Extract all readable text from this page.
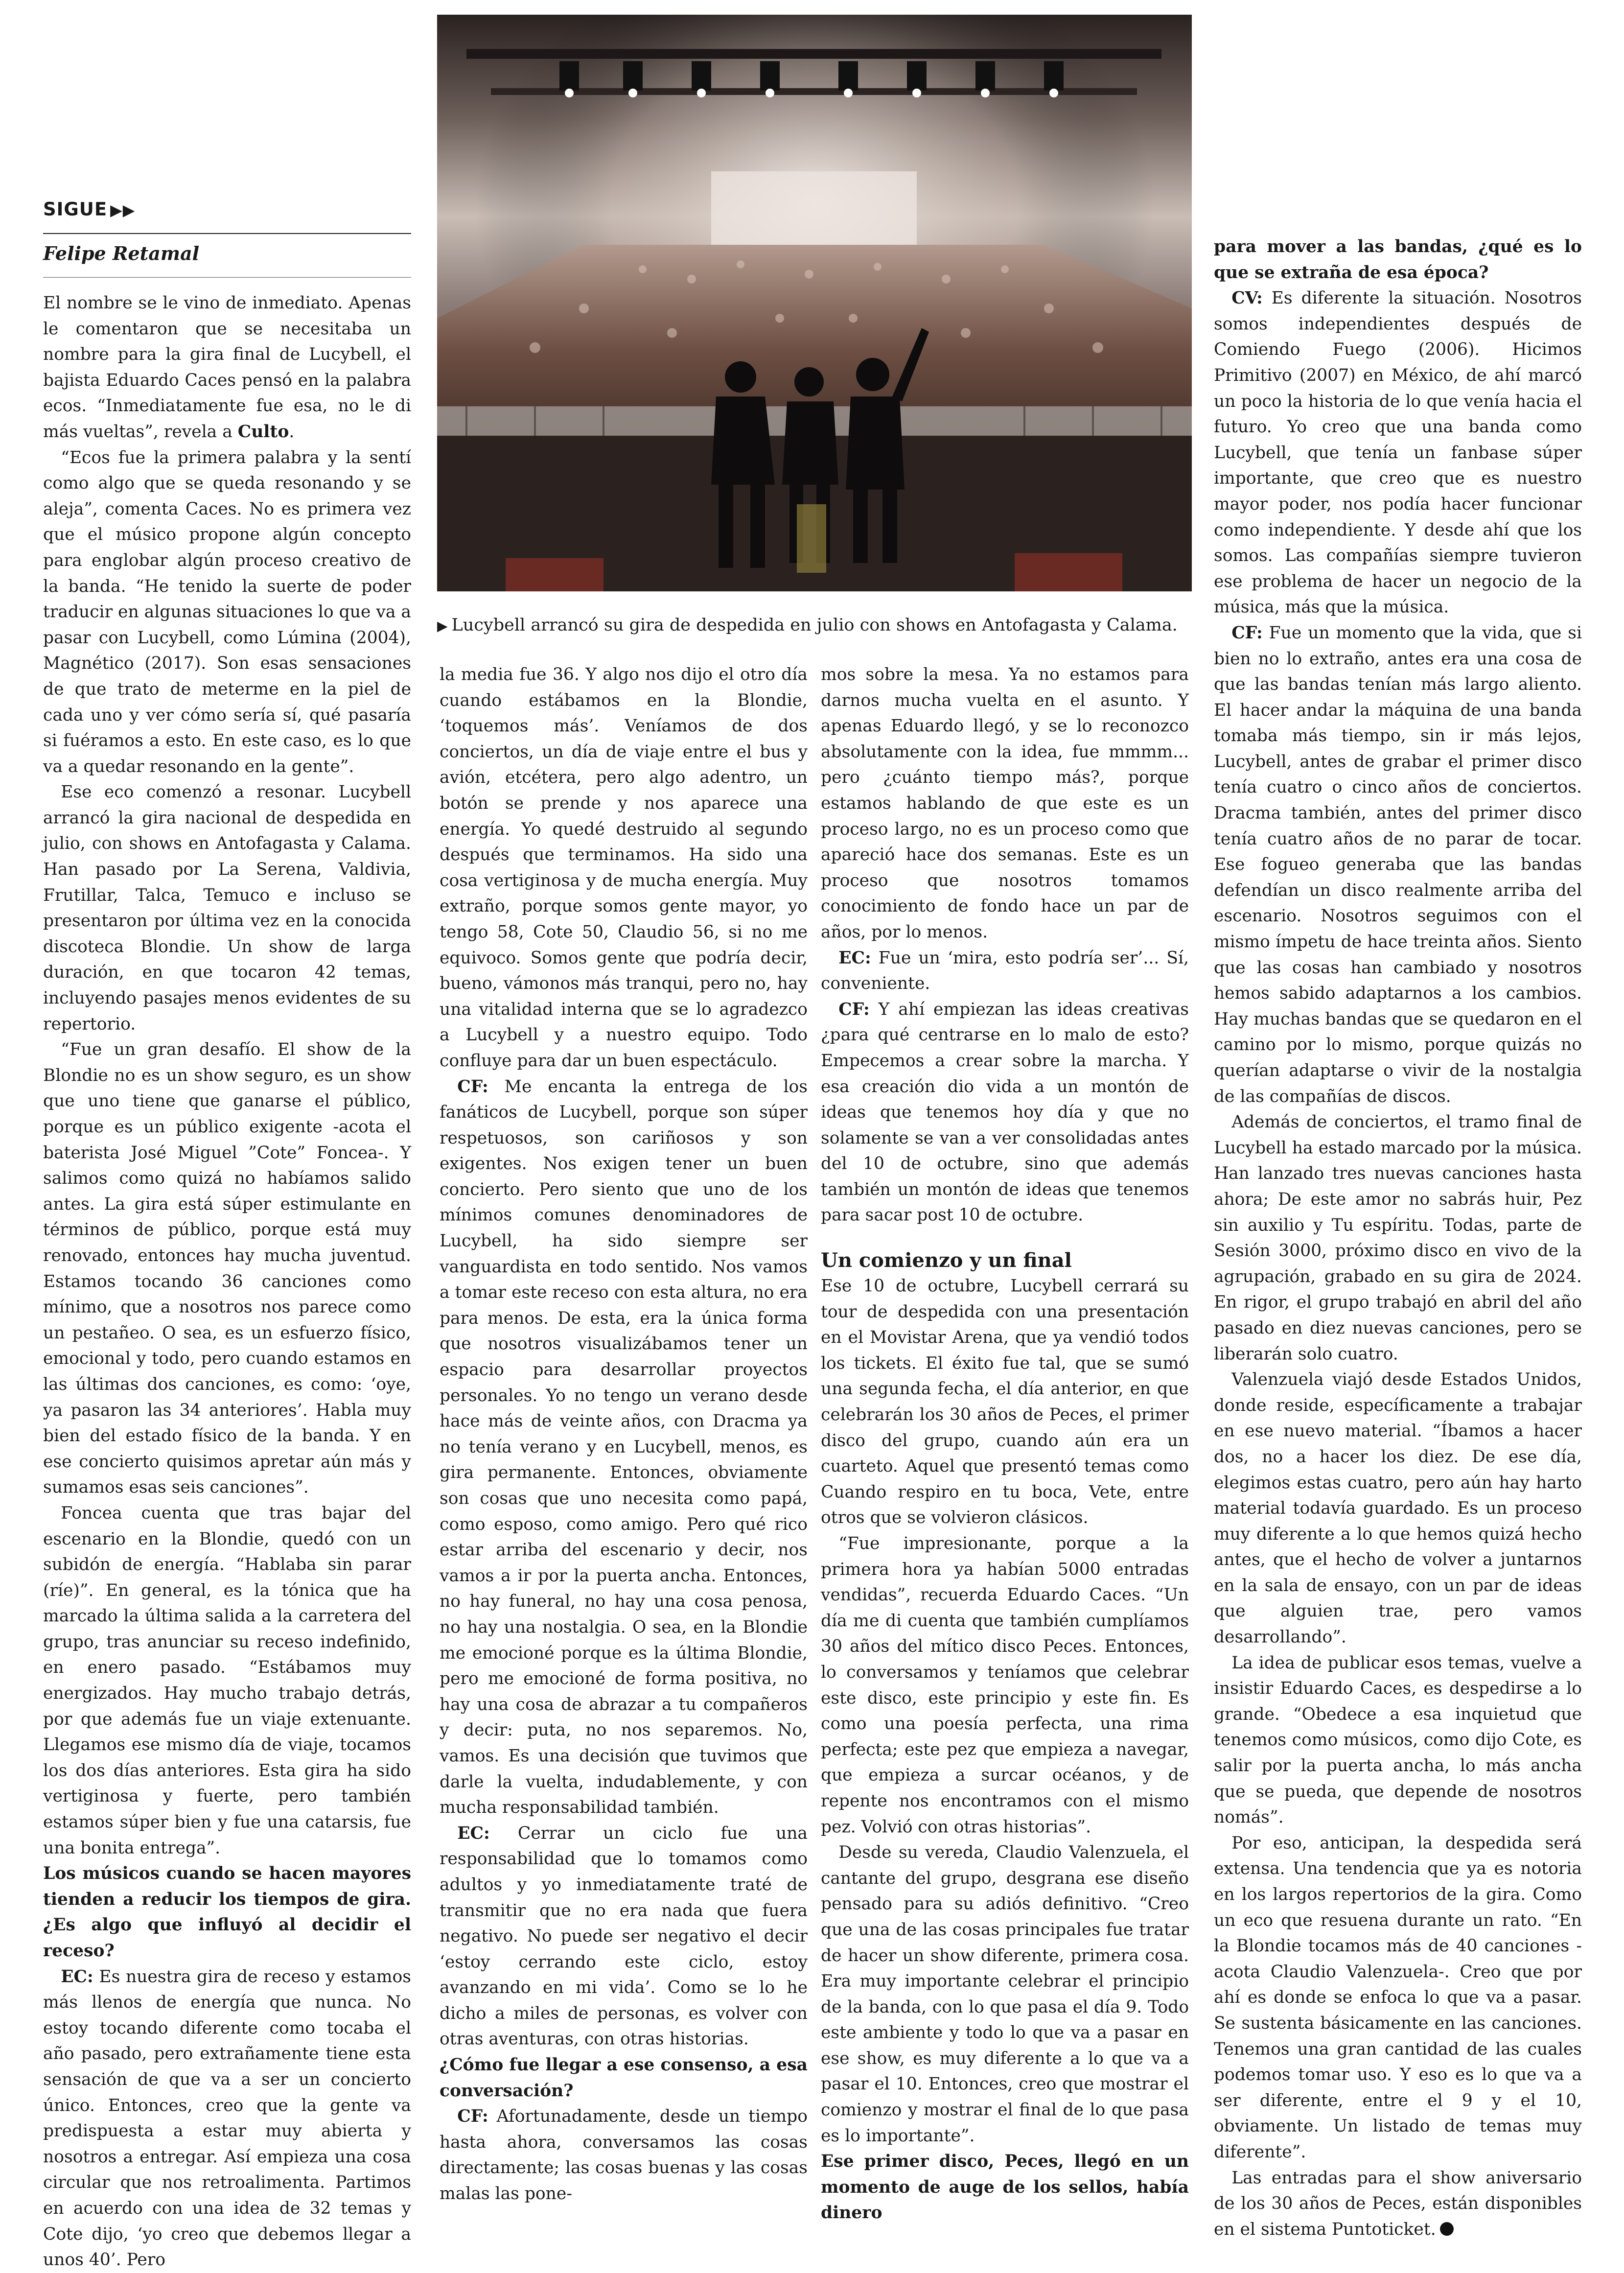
SIGUE ▶▶
Felipe Retamal
▶ Lucybell arrancó su gira de despedida en julio con shows en Antofagasta y Calama.

El nombre se le vino de inmediato. Apenas le comentaron que se necesitaba un nombre para la gira final de Lucybell, el bajista Eduardo Caces pensó en la palabra ecos. “Inmediatamente fue esa, no le di más vueltas”, revela a Culto.

“Ecos fue la primera palabra y la sentí como algo que se queda resonando y se aleja”, comenta Caces. No es primera vez que el músico propone algún concepto para englobar algún proceso creativo de la banda. “He tenido la suerte de poder traducir en algunas situaciones lo que va a pasar con Lucybell, como Lúmina (2004), Magnético (2017). Son esas sensaciones de que trato de meterme en la piel de cada uno y ver cómo sería sí, qué pasaría si fuéramos a esto. En este caso, es lo que va a quedar resonando en la gente”.

Ese eco comenzó a resonar. Lucybell arrancó la gira nacional de despedida en julio, con shows en Antofagasta y Calama. Han pasado por La Serena, Valdivia, Frutillar, Talca, Temuco e incluso se presentaron por última vez en la conocida discoteca Blondie. Un show de larga duración, en que tocaron 42 temas, incluyendo pasajes menos evidentes de su repertorio.

“Fue un gran desafío. El show de la Blondie no es un show seguro, es un show que uno tiene que ganarse el público, porque es un público exigente -acota el baterista José Miguel ”Cote” Foncea-. Y salimos como quizá no habíamos salido antes. La gira está súper estimulante en términos de público, porque está muy renovado, entonces hay mucha juventud. Estamos tocando 36 canciones como mínimo, que a nosotros nos parece como un pestañeo. O sea, es un esfuerzo físico, emocional y todo, pero cuando estamos en las últimas dos canciones, es como: ‘oye, ya pasaron las 34 anteriores’. Habla muy bien del estado físico de la banda. Y en ese concierto quisimos apretar aún más y sumamos esas seis canciones”.

Foncea cuenta que tras bajar del escenario en la Blondie, quedó con un subidón de energía. “Hablaba sin parar (ríe)”. En general, es la tónica que ha marcado la última salida a la carretera del grupo, tras anunciar su receso indefinido, en enero pasado. “Estábamos muy energizados. Hay mucho trabajo detrás, por que además fue un viaje extenuante. Llegamos ese mismo día de viaje, tocamos los dos días anteriores. Esta gira ha sido vertiginosa y fuerte, pero también estamos súper bien y fue una catarsis, fue una bonita entrega”.

Los músicos cuando se hacen mayores tienden a reducir los tiempos de gira. ¿Es algo que influyó al decidir el receso?

EC: Es nuestra gira de receso y estamos más llenos de energía que nunca. No estoy tocando diferente como tocaba el año pasado, pero extrañamente tiene esta sensación de que va a ser un concierto único. Entonces, creo que la gente va predispuesta a estar muy abierta y nosotros a entregar. Así empieza una cosa circular que nos retroalimenta. Partimos en acuerdo con una idea de 32 temas y Cote dijo, ‘yo creo que debemos llegar a unos 40’. Pero

la media fue 36. Y algo nos dijo el otro día cuando estábamos en la Blondie, ‘toquemos más’. Veníamos de dos conciertos, un día de viaje entre el bus y avión, etcétera, pero algo adentro, un botón se prende y nos aparece una energía. Yo quedé destruido al segundo después que terminamos. Ha sido una cosa vertiginosa y de mucha energía. Muy extraño, porque somos gente mayor, yo tengo 58, Cote 50, Claudio 56, si no me equivoco. Somos gente que podría decir, bueno, vámonos más tranqui, pero no, hay una vitalidad interna que se lo agradezco a Lucybell y a nuestro equipo. Todo confluye para dar un buen espectáculo.

CF: Me encanta la entrega de los fanáticos de Lucybell, porque son súper respetuosos, son cariñosos y son exigentes. Nos exigen tener un buen concierto. Pero siento que uno de los mínimos comunes denominadores de Lucybell, ha sido siempre ser vanguardista en todo sentido. Nos vamos a tomar este receso con esta altura, no era para menos. De esta, era la única forma que nosotros visualizábamos tener un espacio para desarrollar proyectos personales. Yo no tengo un verano desde hace más de veinte años, con Dracma ya no tenía verano y en Lucybell, menos, es gira permanente. Entonces, obviamente son cosas que uno necesita como papá, como esposo, como amigo. Pero qué rico estar arriba del escenario y decir, nos vamos a ir por la puerta ancha. Entonces, no hay funeral, no hay una cosa penosa, no hay una nostalgia. O sea, en la Blondie me emocioné porque es la última Blondie, pero me emocioné de forma positiva, no hay una cosa de abrazar a tu compañeros y decir: puta, no nos separemos. No, vamos. Es una decisión que tuvimos que darle la vuelta, indudablemente, y con mucha responsabilidad también.

EC: Cerrar un ciclo fue una responsabilidad que lo tomamos como adultos y yo inmediatamente traté de transmitir que no era nada que fuera negativo. No puede ser negativo el decir ‘estoy cerrando este ciclo, estoy avanzando en mi vida’. Como se lo he dicho a miles de personas, es volver con otras aventuras, con otras historias.

¿Cómo fue llegar a ese consenso, a esa conversación?

CF: Afortunadamente, desde un tiempo hasta ahora, conversamos las cosas directamente; las cosas buenas y las cosas malas las pone-

mos sobre la mesa. Ya no estamos para darnos mucha vuelta en el asunto. Y apenas Eduardo llegó, y se lo reconozco absolutamente con la idea, fue mmmm... pero ¿cuánto tiempo más?, porque estamos hablando de que este es un proceso largo, no es un proceso como que apareció hace dos semanas. Este es un proceso que nosotros tomamos conocimiento de fondo hace un par de años, por lo menos.

EC: Fue un ‘mira, esto podría ser’... Sí, conveniente.

CF: Y ahí empiezan las ideas creativas ¿para qué centrarse en lo malo de esto? Empecemos a crear sobre la marcha. Y esa creación dio vida a un montón de ideas que tenemos hoy día y que no solamente se van a ver consolidadas antes del 10 de octubre, sino que además también un montón de ideas que tenemos para sacar post 10 de octubre.

Un comienzo y un final

Ese 10 de octubre, Lucybell cerrará su tour de despedida con una presentación en el Movistar Arena, que ya vendió todos los tickets. El éxito fue tal, que se sumó una segunda fecha, el día anterior, en que celebrarán los 30 años de Peces, el primer disco del grupo, cuando aún era un cuarteto. Aquel que presentó temas como Cuando respiro en tu boca, Vete, entre otros que se volvieron clásicos.

“Fue impresionante, porque a la primera hora ya habían 5000 entradas vendidas”, recuerda Eduardo Caces. “Un día me di cuenta que también cumplíamos 30 años del mítico disco Peces. Entonces, lo conversamos y teníamos que celebrar este disco, este principio y este fin. Es como una poesía perfecta, una rima perfecta; este pez que empieza a navegar, que empieza a surcar océanos, y de repente nos encontramos con el mismo pez. Volvió con otras historias”.

Desde su vereda, Claudio Valenzuela, el cantante del grupo, desgrana ese diseño pensado para su adiós definitivo. “Creo que una de las cosas principales fue tratar de hacer un show diferente, primera cosa. Era muy importante celebrar el principio de la banda, con lo que pasa el día 9. Todo este ambiente y todo lo que va a pasar en ese show, es muy diferente a lo que va a pasar el 10. Entonces, creo que mostrar el comienzo y mostrar el final de lo que pasa es lo importante”.

Ese primer disco, Peces, llegó en un momento de auge de los sellos, había dinero

para mover a las bandas, ¿qué es lo que se extraña de esa época?

CV: Es diferente la situación. Nosotros somos independientes después de Comiendo Fuego (2006). Hicimos Primitivo (2007) en México, de ahí marcó un poco la historia de lo que venía hacia el futuro. Yo creo que una banda como Lucybell, que tenía un fanbase súper importante, que creo que es nuestro mayor poder, nos podía hacer funcionar como independiente. Y desde ahí que los somos. Las compañías siempre tuvieron ese problema de hacer un negocio de la música, más que la música.

CF: Fue un momento que la vida, que si bien no lo extraño, antes era una cosa de que las bandas tenían más largo aliento. El hacer andar la máquina de una banda tomaba más tiempo, sin ir más lejos, Lucybell, antes de grabar el primer disco tenía cuatro o cinco años de conciertos. Dracma también, antes del primer disco tenía cuatro años de no parar de tocar. Ese fogueo generaba que las bandas defendían un disco realmente arriba del escenario. Nosotros seguimos con el mismo ímpetu de hace treinta años. Siento que las cosas han cambiado y nosotros hemos sabido adaptarnos a los cambios. Hay muchas bandas que se quedaron en el camino por lo mismo, porque quizás no querían adaptarse o vivir de la nostalgia de las compañías de discos.

Además de conciertos, el tramo final de Lucybell ha estado marcado por la música. Han lanzado tres nuevas canciones hasta ahora; De este amor no sabrás huir, Pez sin auxilio y Tu espíritu. Todas, parte de Sesión 3000, próximo disco en vivo de la agrupación, grabado en su gira de 2024. En rigor, el grupo trabajó en abril del año pasado en diez nuevas canciones, pero se liberarán solo cuatro.

Valenzuela viajó desde Estados Unidos, donde reside, específicamente a trabajar en ese nuevo material. “Íbamos a hacer dos, no a hacer los diez. De ese día, elegimos estas cuatro, pero aún hay harto material todavía guardado. Es un proceso muy diferente a lo que hemos quizá hecho antes, que el hecho de volver a juntarnos en la sala de ensayo, con un par de ideas que alguien trae, pero vamos desarrollando”.

La idea de publicar esos temas, vuelve a insistir Eduardo Caces, es despedirse a lo grande. “Obedece a esa inquietud que tenemos como músicos, como dijo Cote, es salir por la puerta ancha, lo más ancha que se pueda, que depende de nosotros nomás”.

Por eso, anticipan, la despedida será extensa. Una tendencia que ya es notoria en los largos repertorios de la gira. Como un eco que resuena durante un rato. “En la Blondie tocamos más de 40 canciones -acota Claudio Valenzuela-. Creo que por ahí es donde se enfoca lo que va a pasar. Se sustenta básicamente en las canciones. Tenemos una gran cantidad de las cuales podemos tomar uso. Y eso es lo que va a ser diferente, entre el 9 y el 10, obviamente. Un listado de temas muy diferente”.

Las entradas para el show aniversario de los 30 años de Peces, están disponibles en el sistema Puntoticket.
